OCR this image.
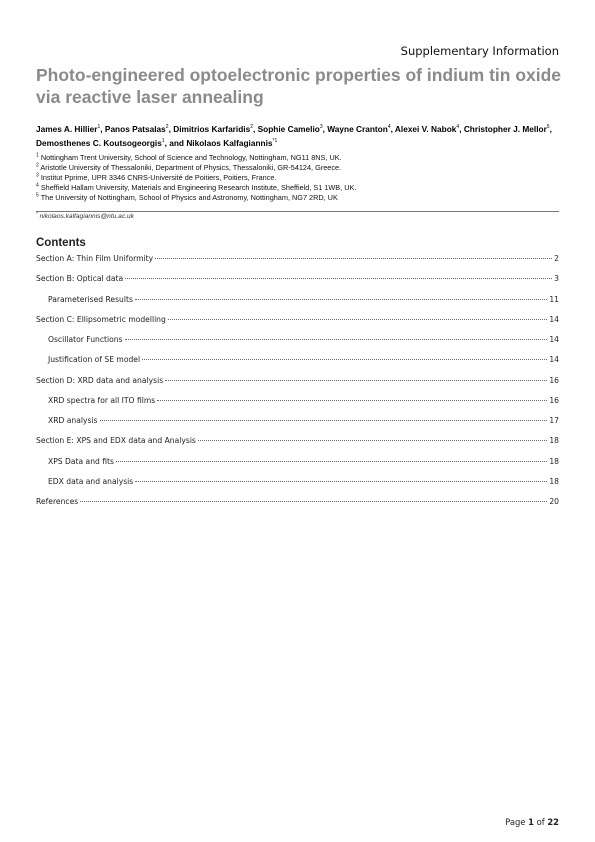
Supplementary Information
Photo-engineered optoelectronic properties of indium tin oxide via reactive laser annealing
James A. Hillier$^1$, Panos Patsalas$^2$, Dimitrios Karfaridis$^2$, Sophie Camelio$^3$, Wayne Cranton$^4$, Alexei V. Nabok$^4$, Christopher J. Mellor$^5$, Demosthenes C. Koutsogeorgis$^1$, and Nikolaos Kalfagiannis$^{*1}$
$^1$ Nottingham Trent University, School of Science and Technology, Nottingham, NG11 8NS, UK.
$^2$ Aristotle University of Thessaloniki, Department of Physics, Thessaloniki, GR-54124, Greece.
$^3$ Institut Pprime, UPR 3346 CNRS-Université de Poitiers, Poitiers, France.
$^4$ Sheffield Hallam University, Materials and Engineering Research Institute, Sheffield, S1 1WB, UK.
$^5$ The University of Nottingham, School of Physics and Astronomy, Nottingham, NG7 2RD, UK
* nikolaos.kalfagiannis@ntu.ac.uk
Contents
Section A: Thin Film Uniformity	2
Section B: Optical data	3
Parameterised Results	11
Section C: Ellipsometric modelling	14
Oscillator Functions	14
Justification of SE model	14
Section D: XRD data and analysis	16
XRD spectra for all ITO films	16
XRD analysis	17
Section E: XPS and EDX data and Analysis	18
XPS Data and fits	18
EDX data and analysis	18
References	20
Page 1 of 22
